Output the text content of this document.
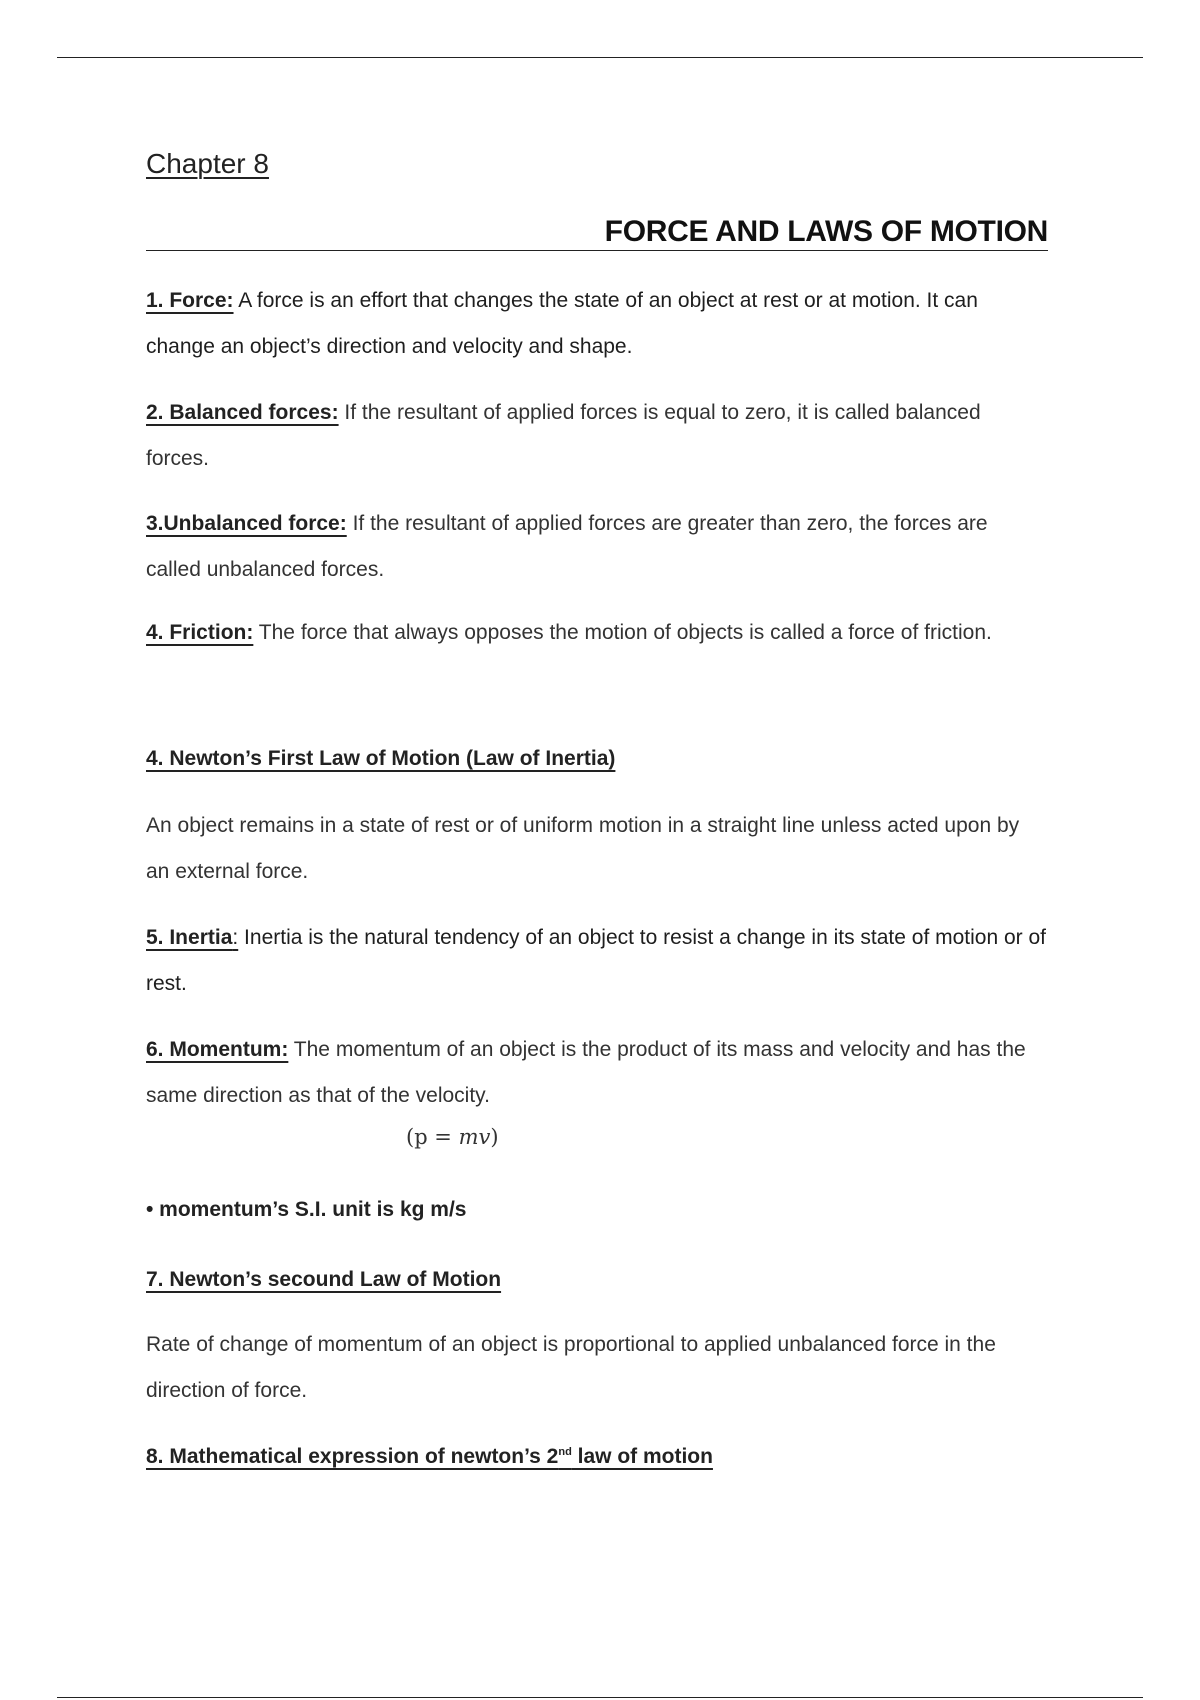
Chapter 8
FORCE AND LAWS OF MOTION

1. Force: A force is an effort that changes the state of an object at rest or at motion. It can change an object’s direction and velocity and shape.

2. Balanced forces: If the resultant of applied forces is equal to zero, it is called balanced forces.

3.Unbalanced force: If the resultant of applied forces are greater than zero, the forces are called unbalanced forces.

4. Friction: The force that always opposes the motion of objects is called a force of friction.

4. Newton’s First Law of Motion (Law of Inertia)

An object remains in a state of rest or of uniform motion in a straight line unless acted upon by an external force.

5. Inertia: Inertia is the natural tendency of an object to resist a change in its state of motion or of rest.

6. Momentum: The momentum of an object is the product of its mass and velocity and has the same direction as that of the velocity.

(p = mv)

• momentum’s S.I. unit is kg m/s

7. Newton’s secound Law of Motion

Rate of change of momentum of an object is proportional to applied unbalanced force in the direction of force.

8. Mathematical expression of newton’s 2nd law of motion
